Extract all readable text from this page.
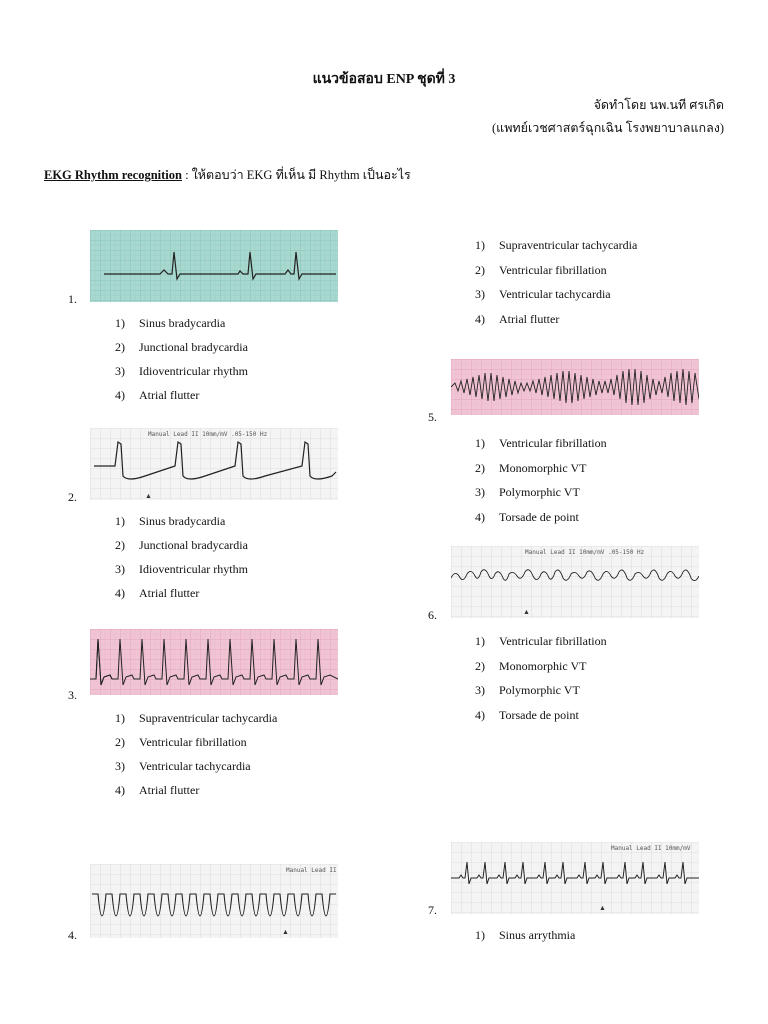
แนวข้อสอบ ENP ชุดที่ 3
จัดทำโดย นพ.นที ศรเกิด
(แพทย์เวชศาสตร์ฉุกเฉิน โรงพยาบาลแกลง)
EKG Rhythm recognition : ให้ตอบว่า EKG ที่เห็น มี Rhythm เป็นอะไร
1.
1) Sinus bradycardia
2) Junctional bradycardia
3) Idioventricular rhythm
4) Atrial flutter
Manual Lead II 10mm/mV .05-150 Hz
▲
2.
1) Sinus bradycardia
2) Junctional bradycardia
3) Idioventricular rhythm
4) Atrial flutter
3.
1) Supraventricular tachycardia
2) Ventricular fibrillation
3) Ventricular tachycardia
4) Atrial flutter
Manual Lead II
▲
4.
1) Supraventricular tachycardia
2) Ventricular fibrillation
3) Ventricular tachycardia
4) Atrial flutter
5.
1) Ventricular fibrillation
2) Monomorphic VT
3) Polymorphic VT
4) Torsade de point
Manual Lead II 10mm/mV .05-150 Hz
▲
6.
1) Ventricular fibrillation
2) Monomorphic VT
3) Polymorphic VT
4) Torsade de point
Manual Lead II 10mm/mV
▲
7.
1) Sinus arrythmia
